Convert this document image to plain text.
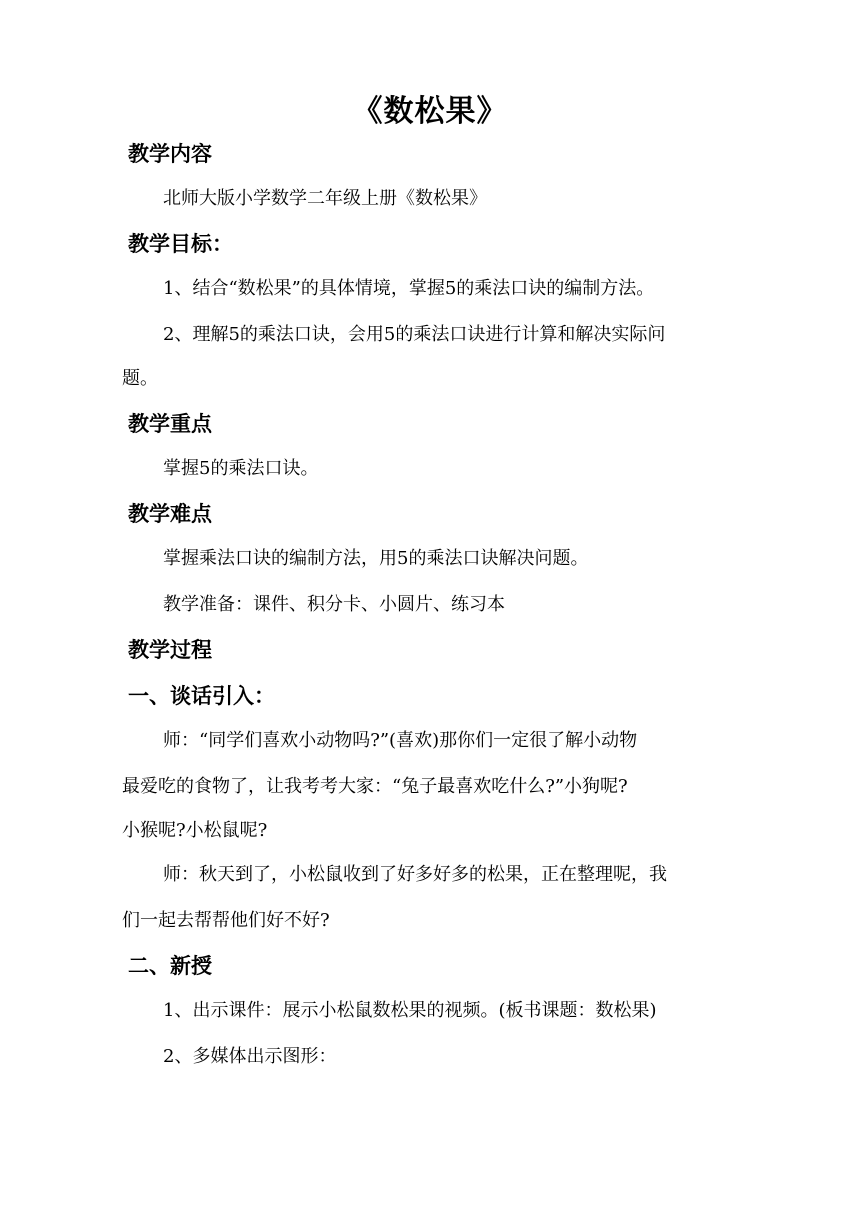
《数松果》
教学内容
北师大版小学数学二年级上册《数松果》
教学目标：
1、结合“数松果”的具体情境，掌握5的乘法口诀的编制方法。
2、理解5的乘法口诀，会用5的乘法口诀进行计算和解决实际问
题。
教学重点
掌握5的乘法口诀。
教学难点
掌握乘法口诀的编制方法，用5的乘法口诀解决问题。
教学准备：课件、积分卡、小圆片、练习本
教学过程
一、谈话引入：
师：“同学们喜欢小动物吗?”(喜欢)那你们一定很了解小动物
最爱吃的食物了，让我考考大家：“兔子最喜欢吃什么?”小狗呢?
小猴呢?小松鼠呢?
师：秋天到了，小松鼠收到了好多好多的松果，正在整理呢，我
们一起去帮帮他们好不好?
二、新授
1、出示课件：展示小松鼠数松果的视频。(板书课题：数松果)
2、多媒体出示图形：
